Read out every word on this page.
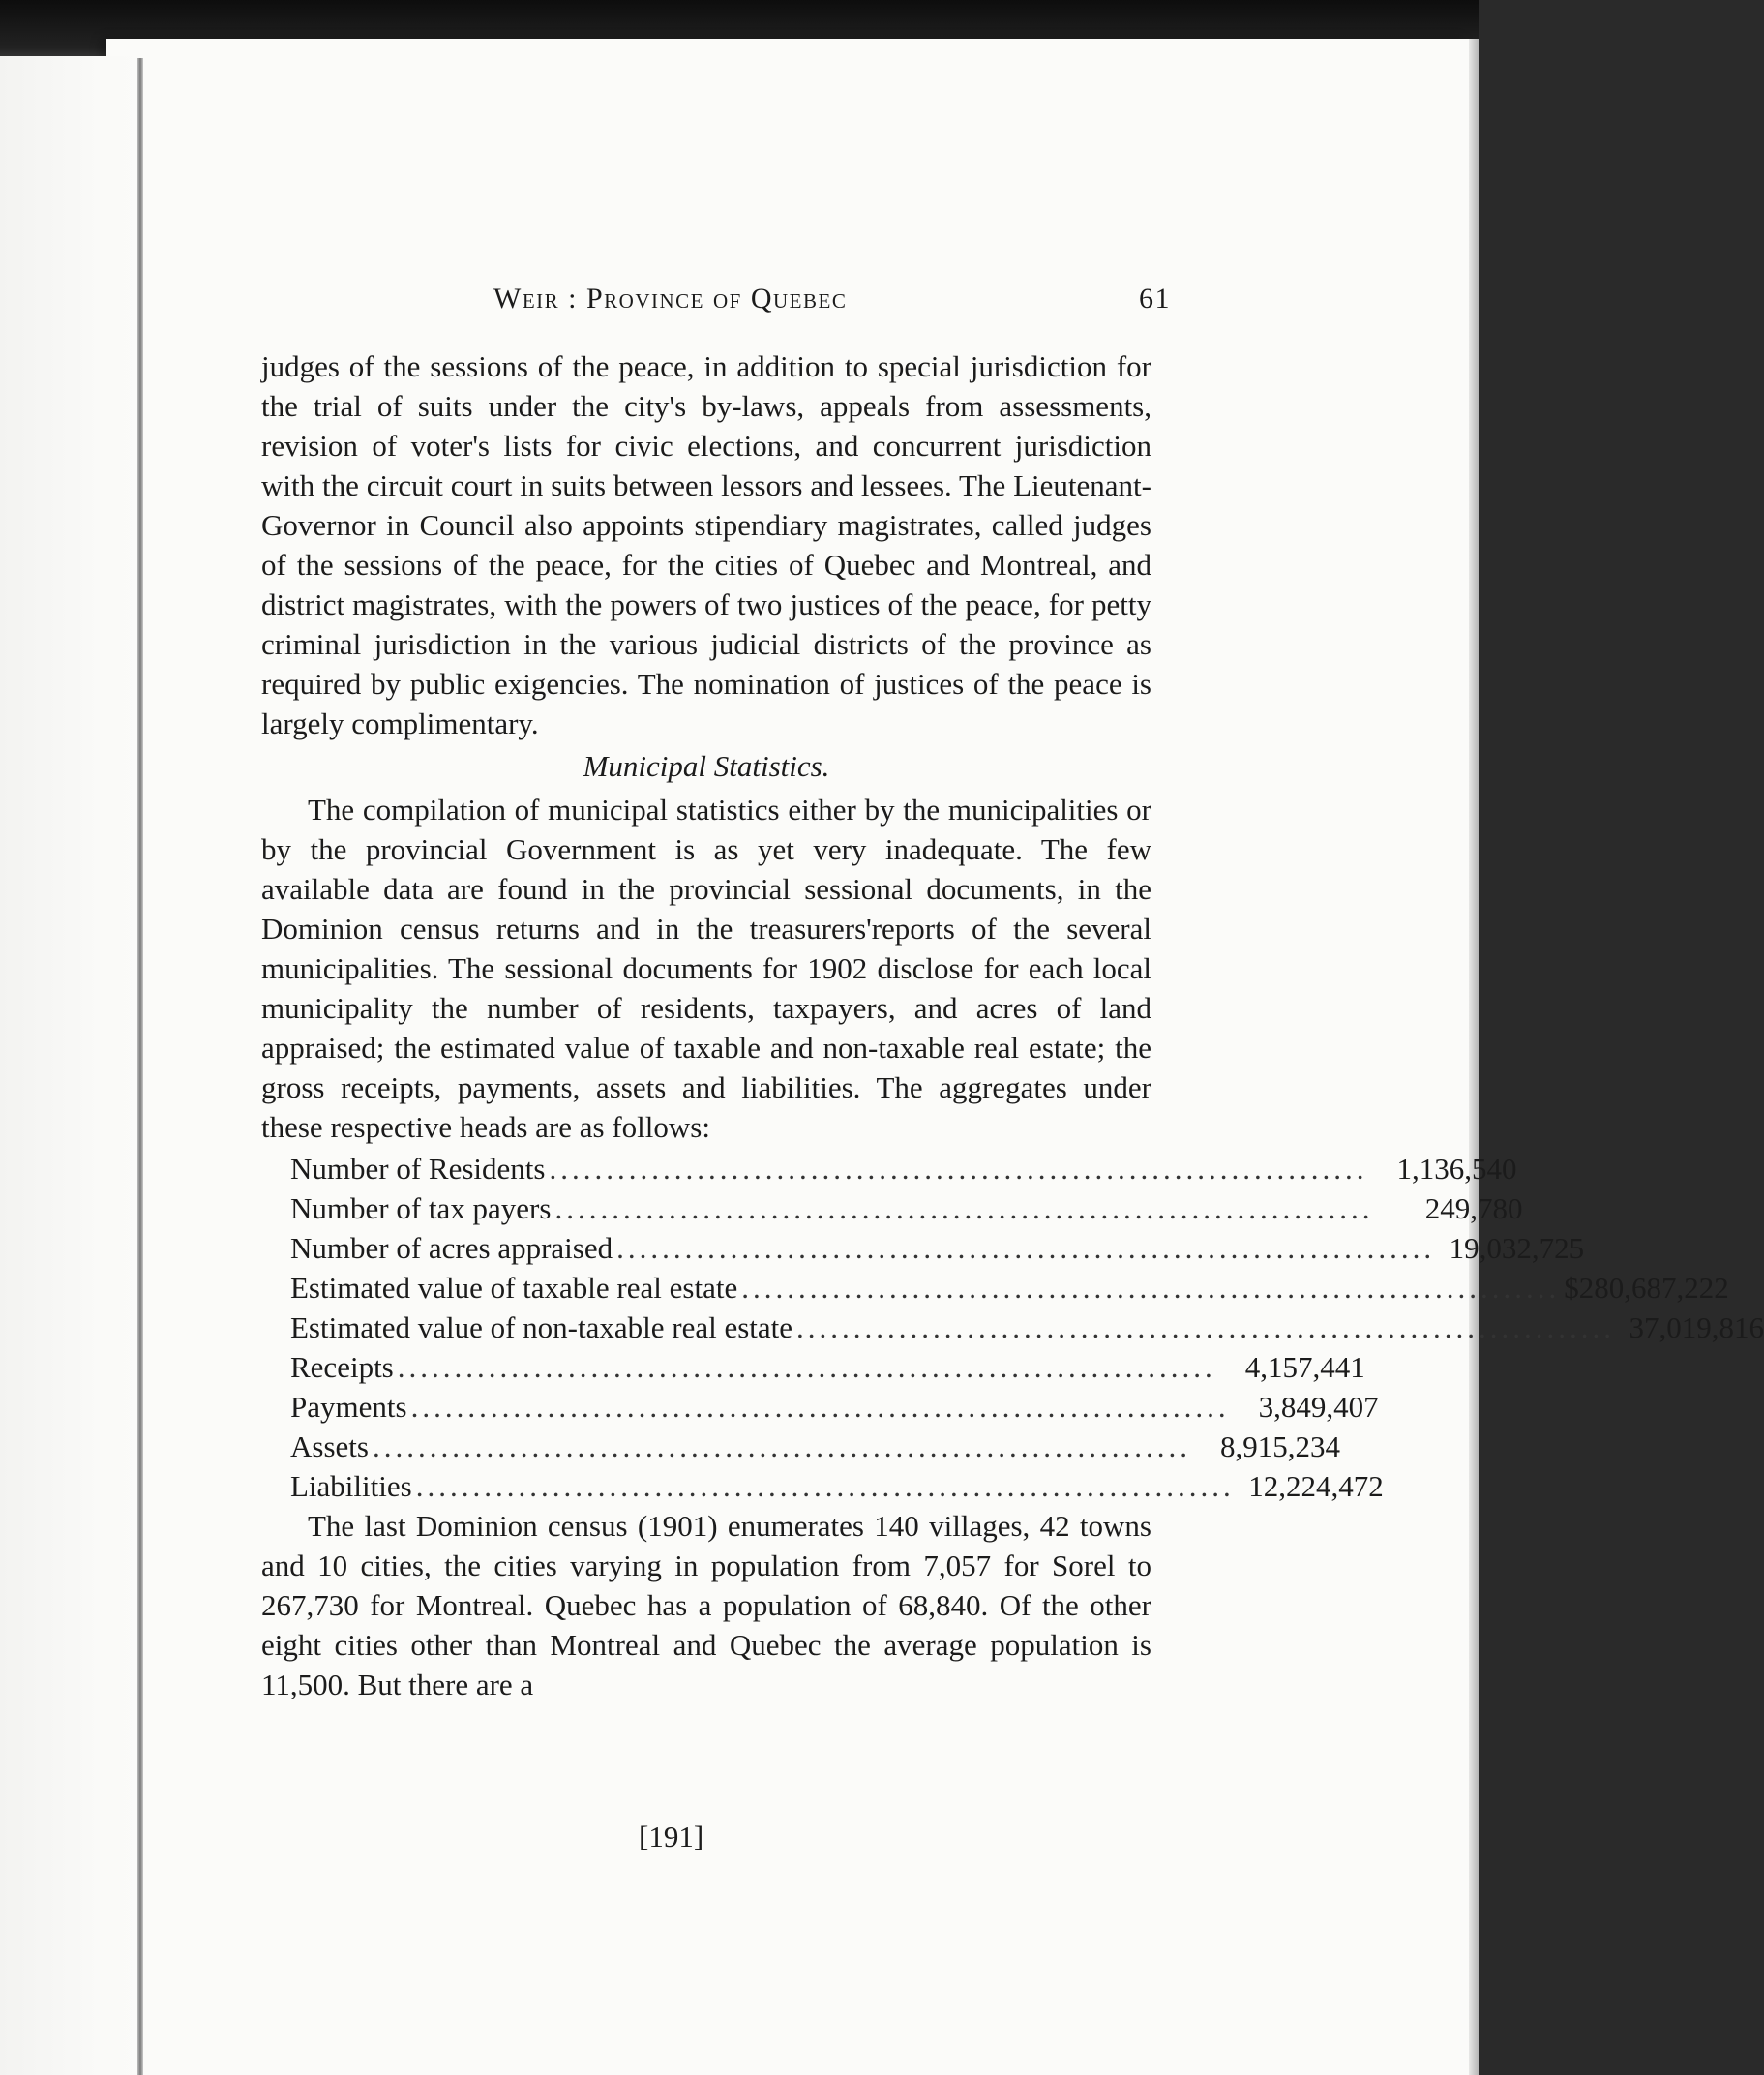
Weir : Province of Quebec	61

judges of the sessions of the peace, in addition to special jurisdiction for the trial of suits under the city's by-laws, appeals from assessments, revision of voter's lists for civic elections, and concurrent jurisdiction with the circuit court in suits between lessors and lessees. The Lieutenant-Governor in Council also appoints stipendiary magistrates, called judges of the sessions of the peace, for the cities of Quebec and Montreal, and district magistrates, with the powers of two justices of the peace, for petty criminal jurisdiction in the various judicial districts of the province as required by public exigencies. The nomination of justices of the peace is largely complimentary.

Municipal Statistics.

The compilation of municipal statistics either by the municipalities or by the provincial Government is as yet very inadequate. The few available data are found in the provincial sessional documents, in the Dominion census returns and in the treasurers'reports of the several municipalities. The sessional documents for 1902 disclose for each local municipality the number of residents, taxpayers, and acres of land appraised; the estimated value of taxable and non-taxable real estate; the gross receipts, payments, assets and liabilities. The aggregates under these respective heads are as follows:

Number of Residents ........................................................................ 1,136,540
Number of tax payers ........................................................................	249,780
Number of acres appraised ........................................................................ 19,032,725
Estimated value of taxable real estate ........................................................................ $280,687,222
Estimated value of non-taxable real estate ........................................................................ 37,019,816
Receipts ........................................................................ 4,157,441
Payments ........................................................................ 3,849,407
Assets ........................................................................ 8,915,234
Liabilities ........................................................................ 12,224,472

The last Dominion census (1901) enumerates 140 villages, 42 towns and 10 cities, the cities varying in population from 7,057 for Sorel to 267,730 for Montreal. Quebec has a population of 68,840. Of the other eight cities other than Montreal and Quebec the average population is 11,500. But there are a

[191]
